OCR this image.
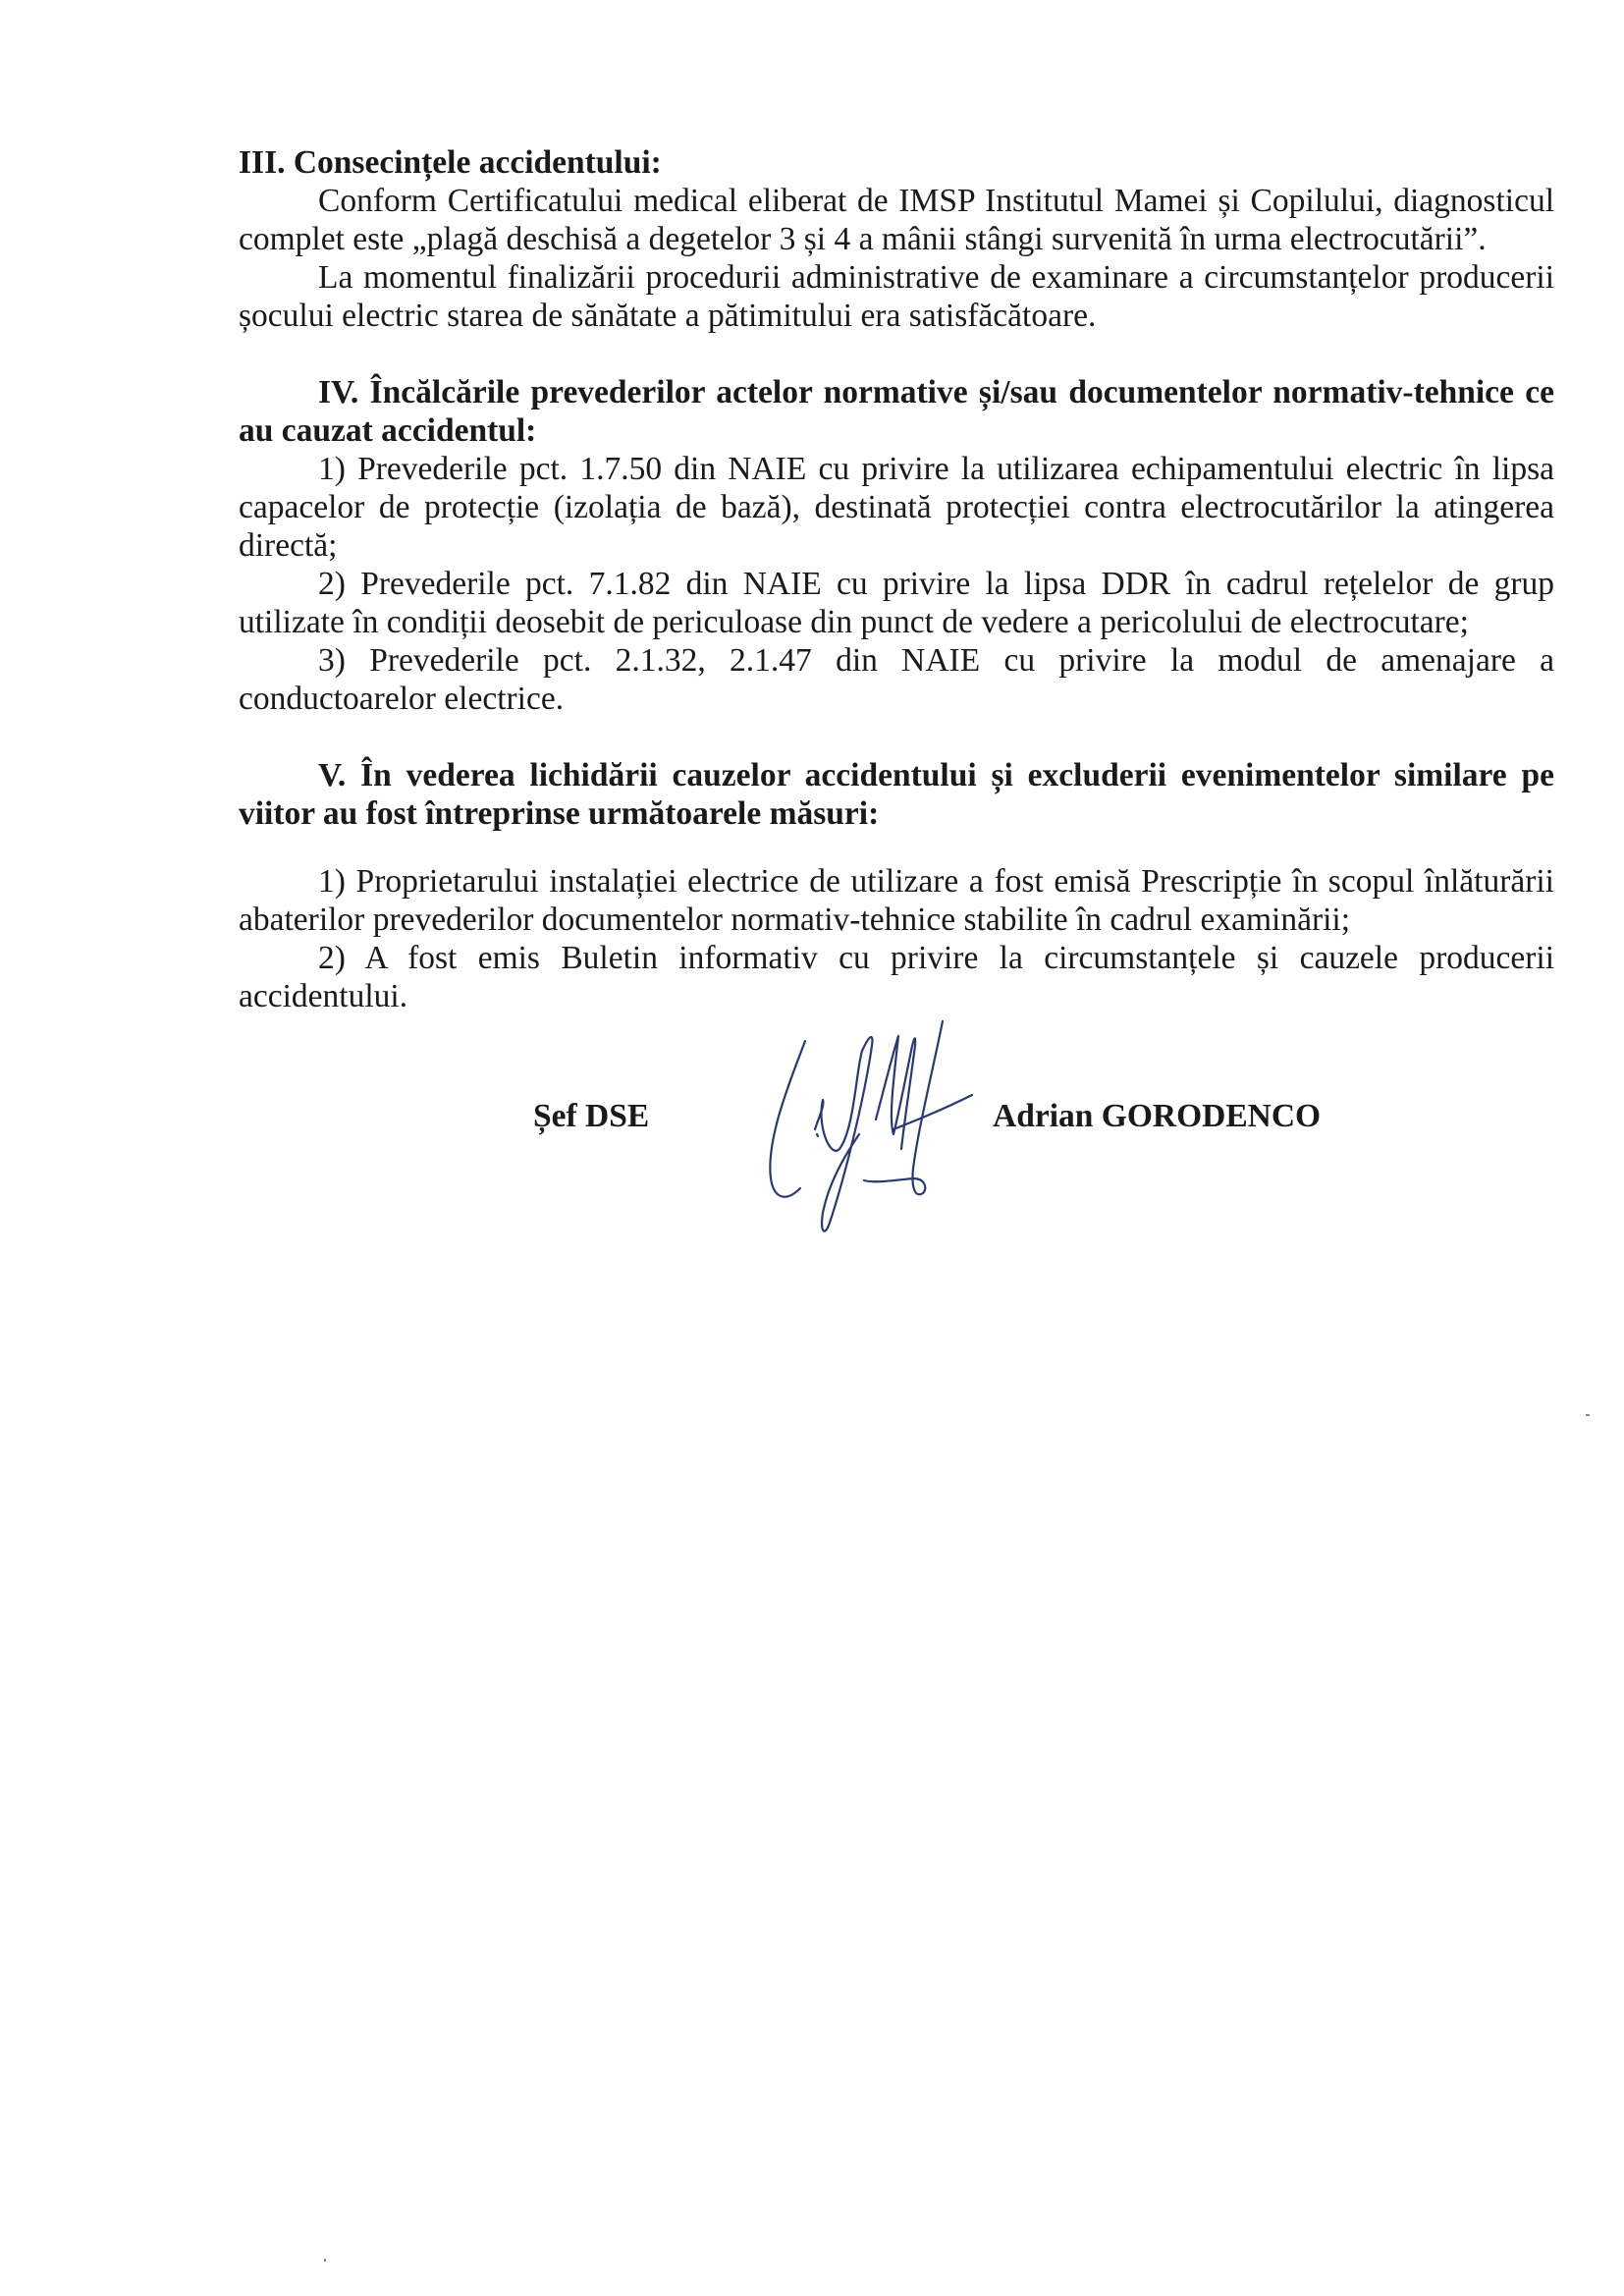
III. Consecințele accidentului:

Conform Certificatului medical eliberat de IMSP Institutul Mamei și Copilului, diagnosticul complet este „plagă deschisă a degetelor 3 și 4 a mânii stângi survenită în urma electrocutării”.

La momentul finalizării procedurii administrative de examinare a circumstanțelor producerii șocului electric starea de sănătate a pătimitului era satisfăcătoare.

IV. Încălcările prevederilor actelor normative și/sau documentelor normativ-tehnice ce au cauzat accidentul:

1) Prevederile pct. 1.7.50 din NAIE cu privire la utilizarea echipamentului electric în lipsa capacelor de protecție (izolația de bază), destinată protecției contra electrocutărilor la atingerea directă;

2) Prevederile pct. 7.1.82 din NAIE cu privire la lipsa DDR în cadrul rețelelor de grup utilizate în condiții deosebit de periculoase din punct de vedere a pericolului de electrocutare;

3) Prevederile pct. 2.1.32, 2.1.47 din NAIE cu privire la modul de amenajare a conductoarelor electrice.

V. În vederea lichidării cauzelor accidentului și excluderii evenimentelor similare pe viitor au fost întreprinse următoarele măsuri:

1) Proprietarului instalației electrice de utilizare a fost emisă Prescripție în scopul înlăturării abaterilor prevederilor documentelor normativ-tehnice stabilite în cadrul examinării;

2) A fost emis Buletin informativ cu privire la circumstanțele și cauzele producerii accidentului.

Șef DSE	Adrian GORODENCO
